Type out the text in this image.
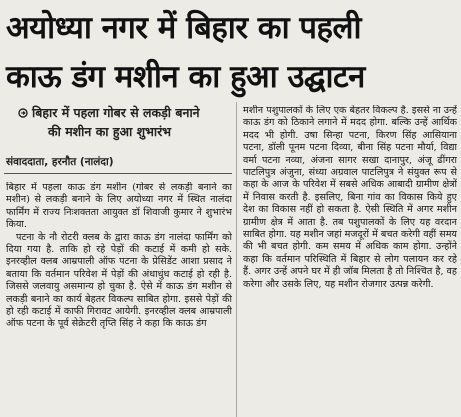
अयोध्या नगर में बिहार का पहली
काऊ डंग मशीन का हुआ उद्घाटन
बिहार में पहला गोबर से लकड़ी बनाने
की मशीन का हुआ शुभारंभ
संवाददाता, हरनौत (नालंदा)

बिहार में पहला काऊ डंग मशीन (गोबर से लकड़ी बनाने का मशीन) से लकड़ी बनाने के लिए अयोध्या नगर में स्थित नालंदा फार्मिंग में राज्य निःशक्तता आयुक्त डॉ शिवाजी कुमार ने शुभारंभ किया.

पटना के नौ रोटरी क्लब के द्वारा काऊ डंग नालंदा फार्मिंग को दिया गया है. ताकि हो रहे पेड़ों की कटाई में कमी हो सके. इनरव्हील क्लब आम्रपाली ऑफ पटना के प्रेसिडेंट आशा प्रसाद ने बताया कि वर्तमान परिवेश में पेड़ों की अंधाधुंध कटाई हो रही है. जिससे जलवायु असमान्य हो चुका है. ऐसे में काऊ डंग मशीन से लकड़ी बनाने का कार्य बेहतर विकल्प साबित होगा. इससे पेड़ों की हो रही कटाई में काफी गिरावट आयेगी. इनरव्हील क्लब आम्रपाली ऑफ पटना के पूर्व सेक्रेटरी तृप्ति सिंह ने कहा कि काऊ डंग

मशीन पशुपालकों के लिए एक बेहतर विकल्प है. इससे ना उन्हें काऊ डंग को ठिकाने लगाने में मदद होगा. बल्कि उन्हें आर्थिक मदद भी होगी. उषा सिन्हा पटना, किरण सिंह आसियाना पटना, डॉली पूनम पटना दिव्या, बीना सिंह पटना मौर्या, विद्या वर्मा पटना नव्या, अंजना सागर सखा दानापुर, अंजू ढींगरा पाटलिपुत्र अंजुना, संध्या अग्रवाल पाटलिपुत्र ने संयुक्त रूप से कहा के आज के परिवेश में सबसे अधिक आबादी ग्रामीण क्षेत्रों में निवास करती है. इसलिए, बिना गांव का विकास किये हुए देश का विकास नहीं हो सकता है. ऐसी स्थिति में अगर मशीन ग्रामीण क्षेत्र में आता है. तब पशुपालकों के लिए यह वरदान साबित होगा. यह मशीन जहां मजदूरों में बचत करेगी वहीं समय की भी बचत होगी. कम समय में अधिक काम होगा. उन्होंने कहा कि वर्तमान परिस्थिति में बिहार से लोग पलायन कर रहे हैं. अगर उन्हें अपने घर में ही जॉब मिलता है तो निश्चित है, वह करेगा और उसके लिए, यह मशीन रोजगार उत्पन्न करेगी.
